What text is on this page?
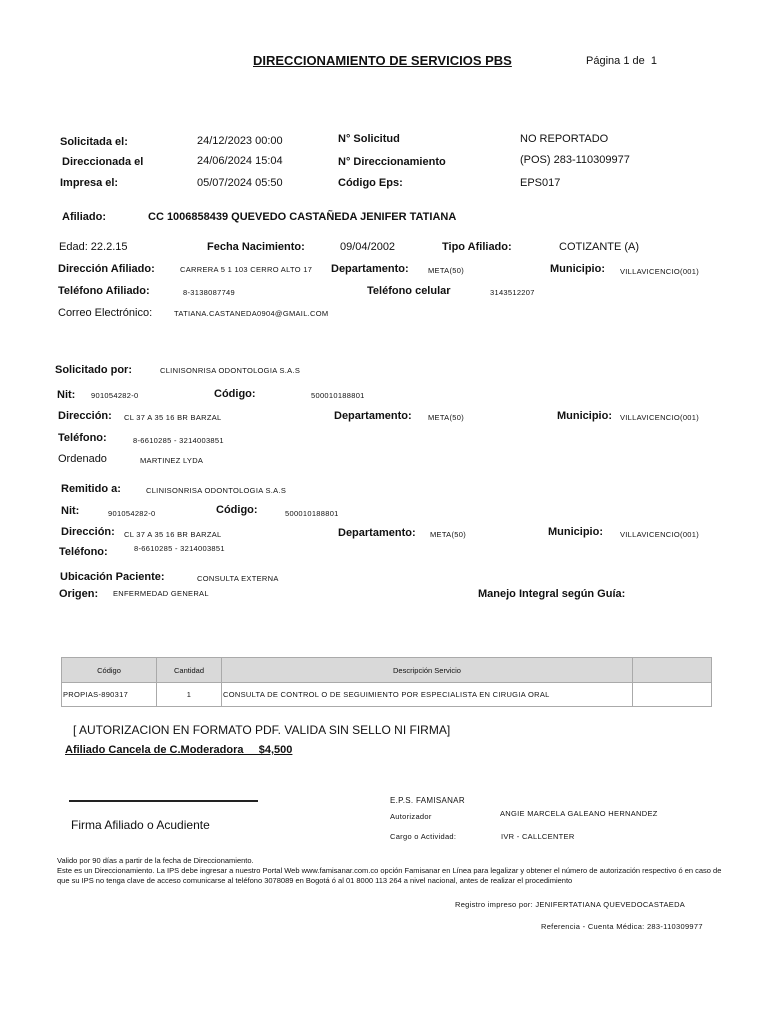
DIRECCIONAMIENTO DE SERVICIOS PBS	Página 1 de 1
Solicitada el:	24/12/2023 00:00	N° Solicitud	NO REPORTADO
Direccionada el	24/06/2024 15:04	N° Direccionamiento	(POS) 283-110309977
Impresa el:	05/07/2024 05:50	Código Eps:	EPS017
Afiliado:	CC 1006858439 QUEVEDO CASTAÑEDA JENIFER TATIANA
Edad: 22.2.15	Fecha Nacimiento:	09/04/2002	Tipo Afiliado:	COTIZANTE (A)
Dirección Afiliado:	CARRERA 5 1 103 CERRO ALTO 17 Departamento:	META(50)	Municipio: VILLAVICENCIO(001)
Teléfono Afiliado:	8-3138087749	Teléfono celular	3143512207
Correo Electrónico:	TATIANA.CASTANEDA0904@GMAIL.COM
Solicitado por:	CLINISONRISA ODONTOLOGIA S.A.S
Nit: 901054282-0	Código:	500010188801
Dirección: CL 37 A 35 16 BR BARZAL	Departamento: META(50)	Municipio: VILLAVICENCIO(001)
Teléfono:	8-6610285 - 3214003851
Ordenado	MARTINEZ LYDA
Remitido a:	CLINISONRISA ODONTOLOGIA S.A.S
Nit:	901054282-0	Código:	500010188801
Dirección: CL 37 A 35 16 BR BARZAL	Departamento: META(50)	Municipio: VILLAVICENCIO(001)
Teléfono:	8-6610285 - 3214003851
Ubicación Paciente:	CONSULTA EXTERNA
Origen: ENFERMEDAD GENERAL	Manejo Integral según Guía:
Código	Cantidad	Descripción Servicio	
PROPIAS-890317	1	CONSULTA DE CONTROL O DE SEGUIMIENTO POR ESPECIALISTA EN CIRUGIA ORAL	
[ AUTORIZACION EN FORMATO PDF. VALIDA SIN SELLO NI FIRMA]
Afiliado Cancela de C.Moderadora     $4,500
Firma Afiliado o Acudiente
E.P.S. FAMISANAR
Autorizador	ANGIE MARCELA GALEANO HERNANDEZ
Cargo o Actividad:	IVR - CALLCENTER
Valido por 90 días a partir de la fecha de Direccionamiento.
Este es un Direccionamiento. La IPS debe ingresar a nuestro Portal Web www.famisanar.com.co opción Famisanar en Línea para legalizar y obtener el número de autorización respectivo ó en caso de que su IPS no tenga clave de acceso comunicarse al teléfono 3078089 en Bogotá ó al 01 8000 113 264 a nivel nacional, antes de realizar el procedimiento
Registro impreso por: JENIFERTATIANA QUEVEDOCASTAEDA
Referencia - Cuenta Médica: 283-110309977
